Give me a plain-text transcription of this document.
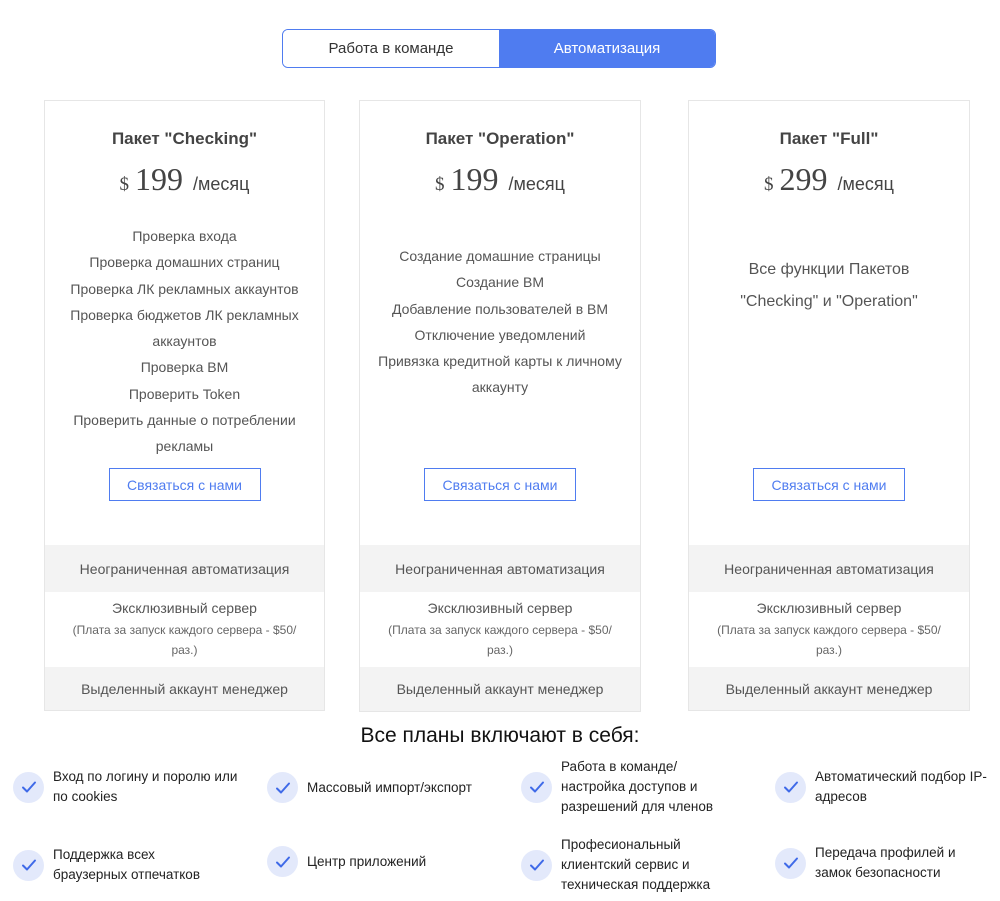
Работа в команде	Автоматизация
Пакет "Checking"
$ 199 /месяц
Проверка входа
Проверка домашних страниц
Проверка ЛК рекламных аккаунтов
Проверка бюджетов ЛК рекламных
аккаунтов
Проверка ВМ
Проверить Token
Проверить данные о потреблении рекламы
Связаться с нами
Неограниченная автоматизация
Эксклюзивный сервер
(Плата за запуск каждого сервера - $50/раз.)
Выделенный аккаунт менеджер
Пакет "Operation"
$ 199 /месяц
Создание домашние страницы
Создание ВМ
Добавление пользователей в ВМ
Отключение уведомлений
Привязка кредитной карты к личному
аккаунту
Связаться с нами
Неограниченная автоматизация
Эксклюзивный сервер
(Плата за запуск каждого сервера - $50/раз.)
Выделенный аккаунт менеджер
Пакет "Full"
$ 299 /месяц
Все функции Пакетов
"Checking" и "Operation"
Связаться с нами
Неограниченная автоматизация
Эксклюзивный сервер
(Плата за запуск каждого сервера - $50/раз.)
Выделенный аккаунт менеджер
Все планы включают в себя:
Вход по логину и поролю или по cookies
Массовый импорт/экспорт
Работа в команде/ настройка доступов и разрешений для членов
Автоматический подбор IP-адресов
Поддержка всех браузерных отпечатков
Центр приложений
Професиональный клиентский сервис и техническая поддержка
Передача профилей и замок безопасности
